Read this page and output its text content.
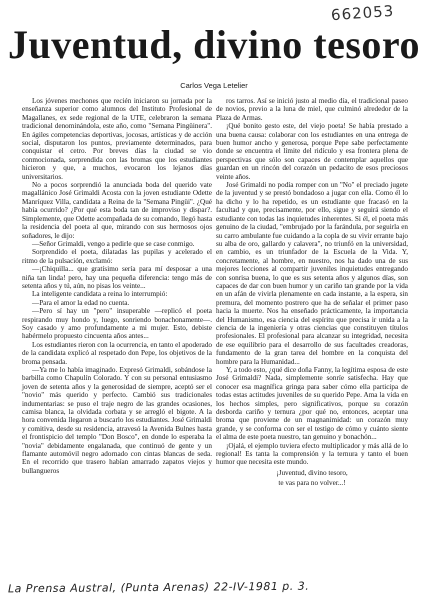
662053
Juventud, divino tesoro

Carlos Vega Letelier

Los jóvenes mechones que recién iniciaron su jornada por la enseñanza superior como alumnos del Instituto Profesional de Magallanes, ex sede regional de la UTE, celebraron la semana tradicional denominándola, este año, como "Semana Pingüinera". En ágiles competencias deportivas, jocosas, artísticas y de acción social, disputaron los puntos, previamente determinados, para conquistar el cetro. Por breves días la ciudad se vio conmocionada, sorprendida con las bromas que los estudiantes hicieron y que, a muchos, evocaron los lejanos días universitarios.

No a pocos sorprendió la anunciada boda del querido vate magallánico José Grimaldi Acosta con la joven estudiante Odette Manríquez Villa, candidata a Reina de la "Semana Pingüi". ¿Qué había ocurrido? ¿Por qué esta boda tan de improviso y dispar?. Simplemente, que Odette acompañada de su comando, llegó hasta la residencia del poeta al que, mirando con sus hermosos ojos soñadores, le dijo:

—Señor Grimaldi, vengo a pedirle que se case conmigo.

Sorprendido el poeta, dilatadas las pupilas y acelerado el ritmo de la pulsación, exclamó:

—¡Chiquilla... que gratísimo sería para mí desposar a una niña tan linda! pero, hay una pequeña diferencia: tengo más de setenta años y tú, aún, no pisas los veinte...

La inteligente candidata a reina lo interrumpió:

—Para el amor la edad no cuenta.

—Pero sí hay un "pero" insuperable —replicó el poeta respirando muy hondo y, luego, sonriendo bonachonamente—. Soy casado y amo profundamente a mi mujer. Esto, debiste habérmelo propuesto cincuenta años antes...

Los estudiantes rieron con la ocurrencia, en tanto el apoderado de la candidata explicó al respetado don Pepe, los objetivos de la broma pensada.

—Ya me lo había imaginado. Expresó Grimaldi, sobándose la barbilla como Chapulín Colorado. Y con su personal entusiasmo joven de setenta años y la generosidad de siempre, aceptó ser el "novio" más querido y perfecto. Cambió sus tradicionales indumentarias: se puso el traje negro de las grandes ocasiones, camisa blanca, la olvidada corbata y se arregló el bigote. A la hora convenida llegaron a buscarlo los estudiantes. José Grimaldi y comitiva, desde su residencia, atravesó la Avenida Bulnes hasta el frontispicio del templo "Don Bosco", en donde lo esperaba la "novia" debidamente engalanada, que continuó de gente y un flamante automóvil negro adornado con cintas blancas de seda. En el recorrido que trasero habían amarrado zapatos viejos y bullangueros

ros tarros. Así se inició justo al medio día, el tradicional paseo de novios, previo a la luna de miel, que culminó alrededor de la Plaza de Armas.

¡Qué bonito gesto este, del viejo poeta! Se había prestado a una buena causa: colaborar con los estudiantes en una entrega de buen humor ancho y generosa, porque Pepe sabe perfectamente donde se encuentra el límite del ridículo y esa frontera plena de perspectivas que sólo son capaces de contemplar aquellos que guardan en un rincón del corazón un pedacito de esos preciosos veinte años.

José Grimaldi no podía romper con un "No" el preciado jugete de la juventud y se prestó bondadoso a jugar con ella. Como él lo ha dicho y lo ha repetido, es un estudiante que fracasó en la facultad y que, precisamente, por ello, sigue y seguirá siendo el estudiante con todas las inquietudes inherentes. Si él, el poeta más genuino de la ciudad, "embrujado por la farándula, por seguirla en su carro ambulante fue cuidando a la copla de su vivir errante bajo su alba de oro, gallardo y calavera", no triunfó en la universidad, en cambio, es un triunfador de la Escuela de la Vida. Y, concretamente, al hombre, en nuestro, nos ha dado una de sus mejores lecciones al compartir juveniles inquietudes entregando con sonrisa buena, lo que es sus setenta años y algunos días, son capaces de dar con buen humor y un cariño tan grande por la vida en un afán de vivirla plenamente en cada instante, a la espera, sin premura, del momento postrero que ha de señalar el primer paso hacia la muerte. Nos ha enseñado prácticamente, la importancia del Humanismo, esa ciencia del espíritu que precisa ir unida a la ciencia de la ingeniería y otras ciencias que constituyen títulos profesionales. El profesional para alcanzar su integridad, necesita de ese equilibrio para el desarrollo de sus facultades creadoras, fundamento de la gran tarea del hombre en la conquista del hombre para la Humanidad...

Y, a todo esto, ¿qué dice doña Fanny, la legítima esposa de este José Grimaldi? Nada, simplemente sonríe satisfecha. Hay que conocer esa magnífica gringa para saber cómo ella participa de todas estas actitudes juveniles de su querido Pepe. Ama la vida en los hechos simples, pero significativos, porque su corazón desborda cariño y ternura ¿por qué no, entonces, aceptar una broma que proviene de un magnanimidad: un corazón muy grande, y se conforma con ser el testigo de cómo y cuánto siente el alma de este poeta nuestro, tan genuino y bonachón...

¡Ojalá, el ejemplo tuviera efecto multiplicador y más allá de lo regional! Es tanta la comprensión y la ternura y tanto el buen humor que necesita este mundo.

¡Juventud, divino tesoro,

te vas para no volver...!

La Prensa Austral, (Punta Arenas) 22-IV-1981 p. 3.
